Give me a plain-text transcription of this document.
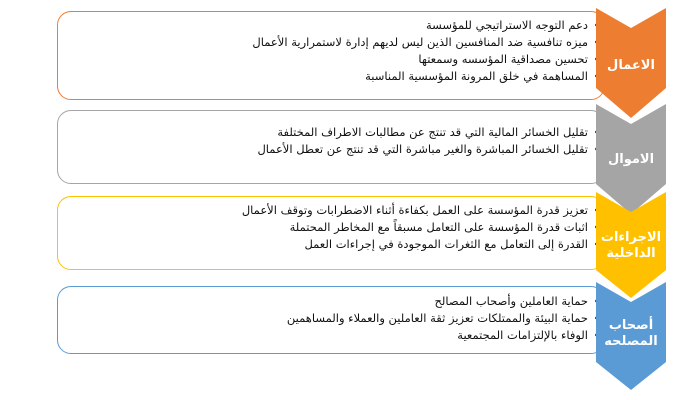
• دعم التوجه الاستراتيجي للمؤسسة
• ميزه تنافسية ضد المنافسين الذين ليس لديهم إدارة لاستمرارية الأعمال
• تحسين مصداقية المؤسسه وسمعتها
• المساهمة في خلق المرونة المؤسسية المناسبة
الاعمال
• تقليل الخسائر المالية التي قد تنتج عن مطالبات الاطراف المختلفة
• تقليل الخسائر المباشرة والغير مباشرة التي قد تنتج عن تعطل الأعمال
الاموال
• تعزيز قدرة المؤسسة على العمل بكفاءة أثناء الاضطرابات وتوقف الأعمال
• اثبات قدرة المؤسسة على التعامل مسبقاً مع المخاطر المحتملة
• القدرة إلى التعامل مع الثغرات الموجودة في إجراءات العمل الاجراءات
الداخلية
• حماية العاملين وأصحاب المصالح
• حماية البيئة والممتلكات تعزيز ثقة العاملين والعملاء والمساهمين
• الوفاء بالإلتزامات المجتمعية
أصحاب
المصلحه
